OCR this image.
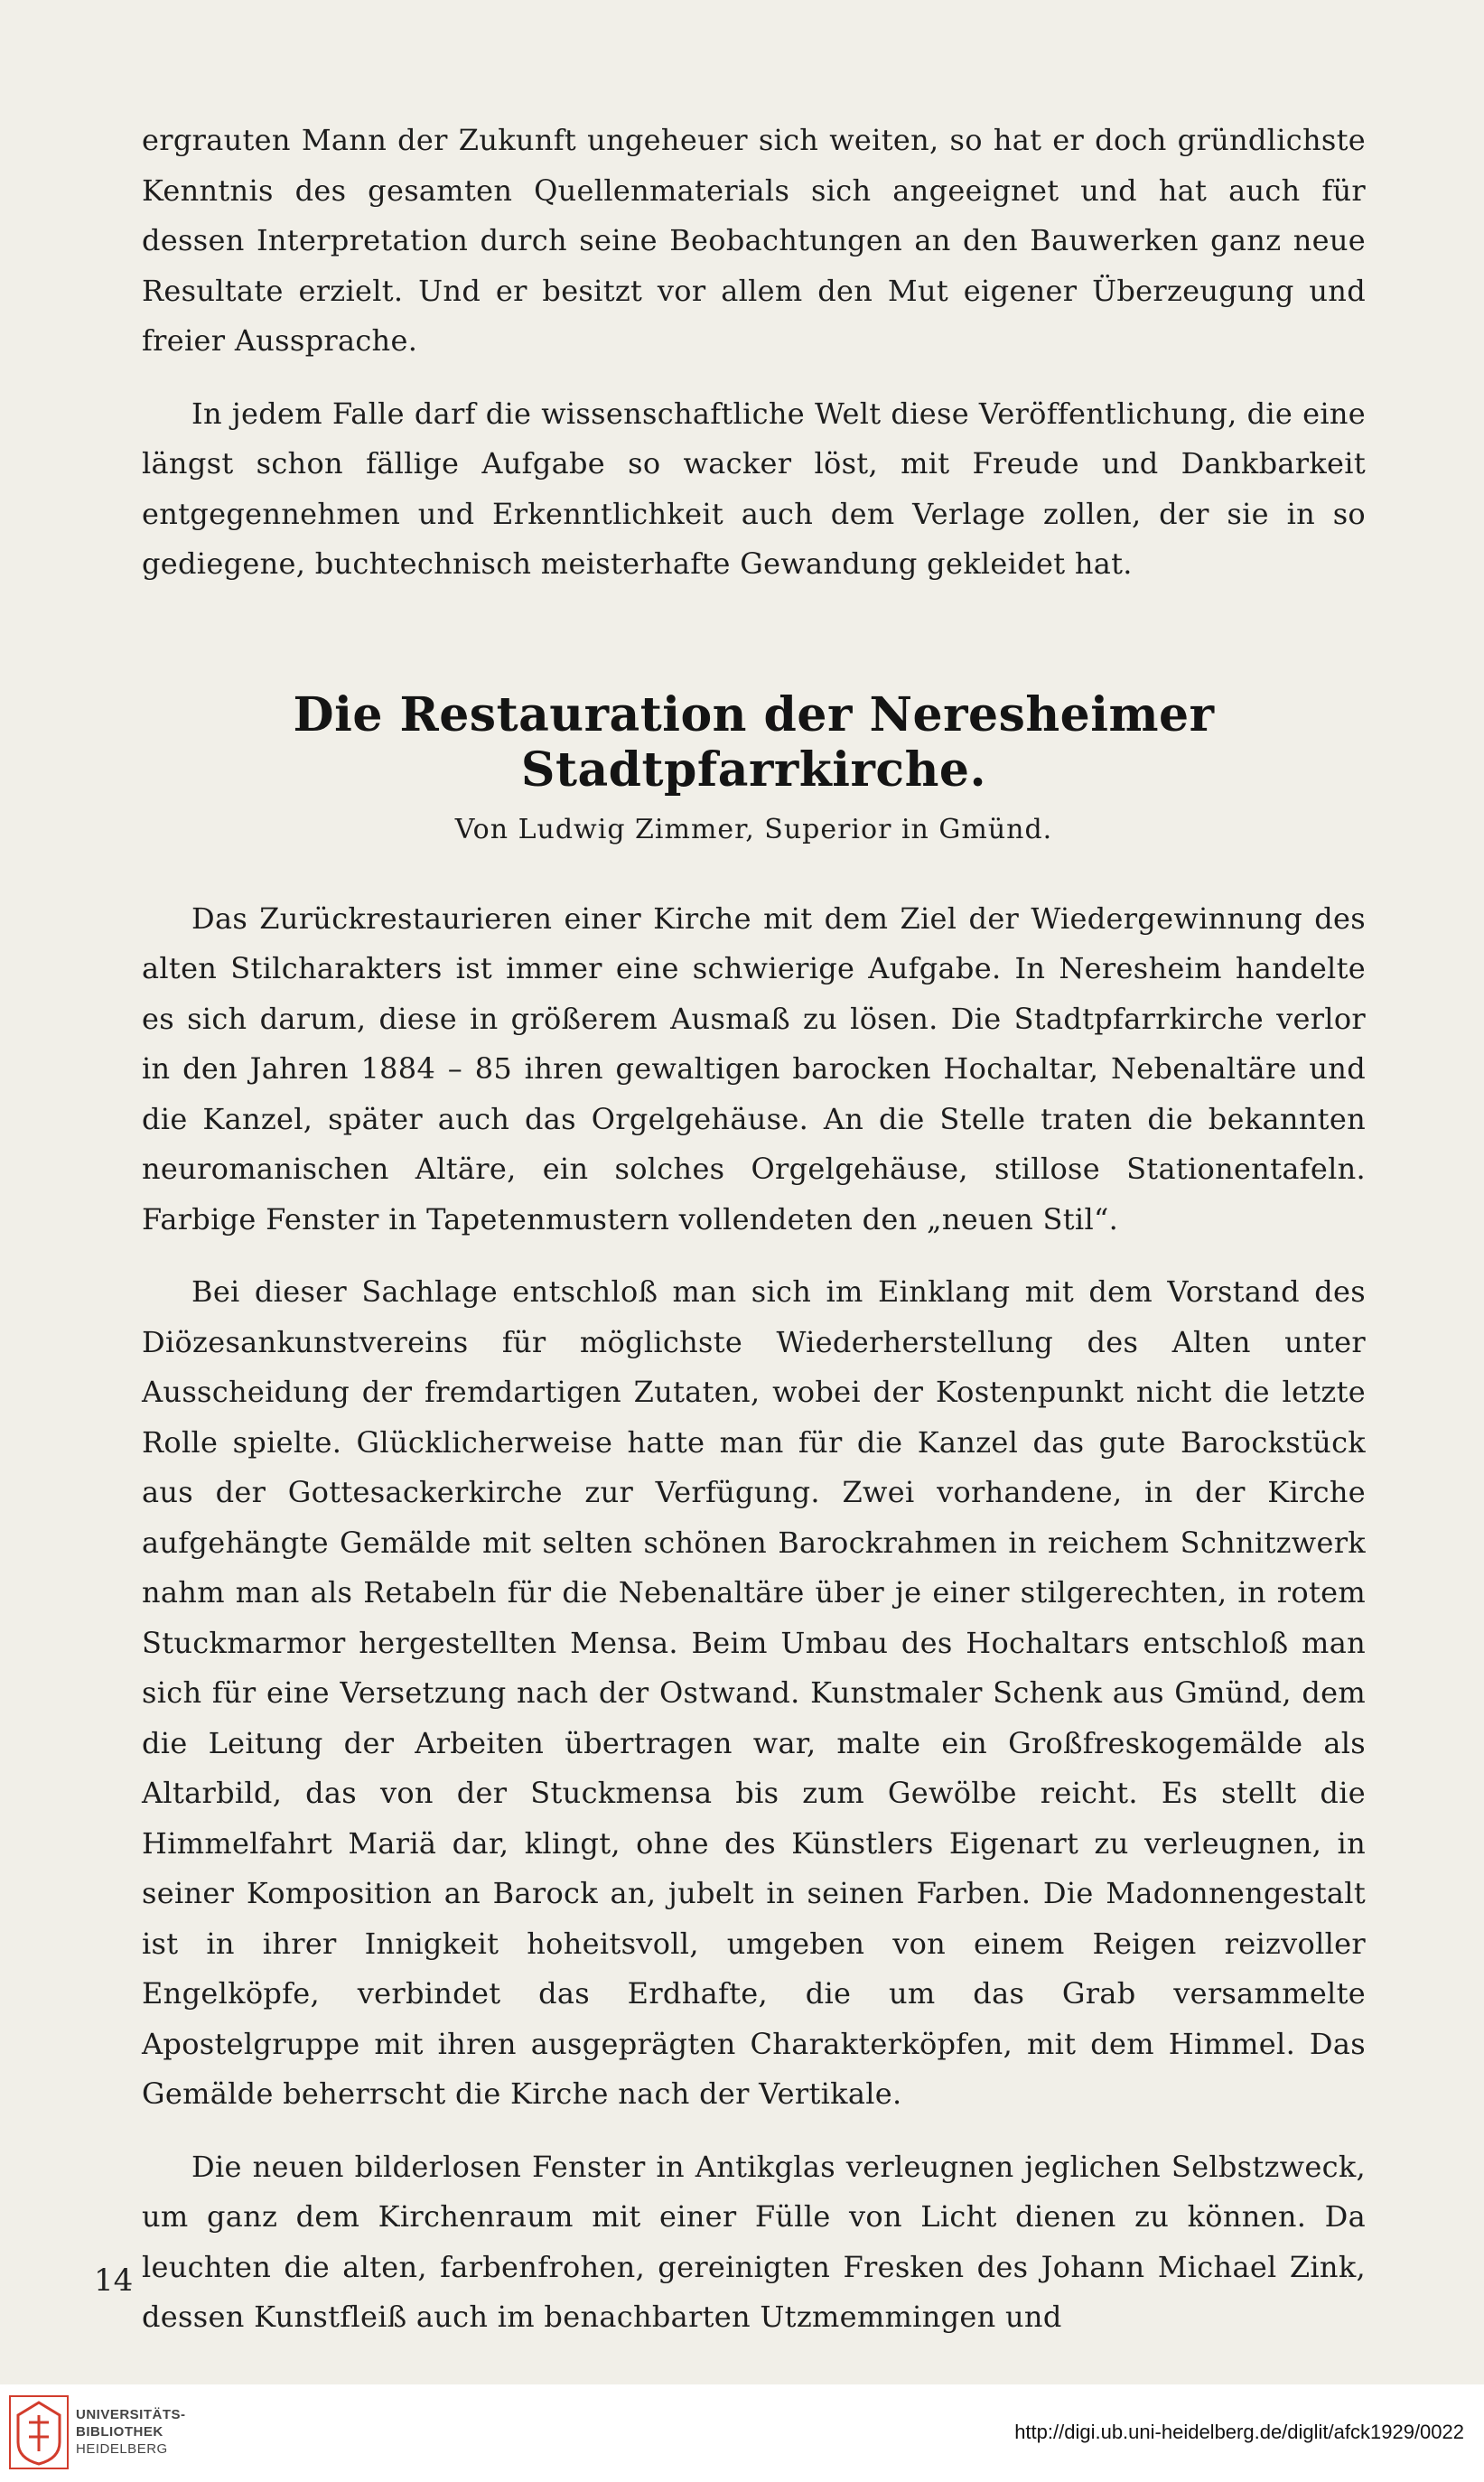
ergrauten Mann der Zukunft ungeheuer sich weiten, so hat er doch gründlichste Kenntnis des gesamten Quellenmaterials sich angeeignet und hat auch für dessen Interpretation durch seine Beobachtungen an den Bauwerken ganz neue Resultate erzielt. Und er besitzt vor allem den Mut eigener Überzeugung und freier Aussprache.

In jedem Falle darf die wissenschaftliche Welt diese Veröffentlichung, die eine längst schon fällige Aufgabe so wacker löst, mit Freude und Dankbarkeit entgegennehmen und Erkenntlichkeit auch dem Verlage zollen, der sie in so gediegene, buchtechnisch meisterhafte Gewandung gekleidet hat.

Die Restauration der Neresheimer Stadtpfarrkirche.
Von Ludwig Zimmer, Superior in Gmünd.

Das Zurückrestaurieren einer Kirche mit dem Ziel der Wiedergewinnung des alten Stilcharakters ist immer eine schwierige Aufgabe. In Neresheim handelte es sich darum, diese in größerem Ausmaß zu lösen. Die Stadtpfarrkirche verlor in den Jahren 1884 – 85 ihren gewaltigen barocken Hochaltar, Nebenaltäre und die Kanzel, später auch das Orgelgehäuse. An die Stelle traten die bekannten neuromanischen Altäre, ein solches Orgelgehäuse, stillose Stationentafeln. Farbige Fenster in Tapetenmustern vollendeten den „neuen Stil“.

Bei dieser Sachlage entschloß man sich im Einklang mit dem Vorstand des Diözesankunstvereins für möglichste Wiederherstellung des Alten unter Ausscheidung der fremdartigen Zutaten, wobei der Kostenpunkt nicht die letzte Rolle spielte. Glücklicherweise hatte man für die Kanzel das gute Barockstück aus der Gottesackerkirche zur Verfügung. Zwei vorhandene, in der Kirche aufgehängte Gemälde mit selten schönen Barockrahmen in reichem Schnitzwerk nahm man als Retabeln für die Nebenaltäre über je einer stilgerechten, in rotem Stuckmarmor hergestellten Mensa. Beim Umbau des Hochaltars entschloß man sich für eine Versetzung nach der Ostwand. Kunstmaler Schenk aus Gmünd, dem die Leitung der Arbeiten übertragen war, malte ein Großfreskogemälde als Altarbild, das von der Stuckmensa bis zum Gewölbe reicht. Es stellt die Himmelfahrt Mariä dar, klingt, ohne des Künstlers Eigenart zu verleugnen, in seiner Komposition an Barock an, jubelt in seinen Farben. Die Madonnengestalt ist in ihrer Innigkeit hoheitsvoll, umgeben von einem Reigen reizvoller Engelköpfe, verbindet das Erdhafte, die um das Grab versammelte Apostelgruppe mit ihren ausgeprägten Charakterköpfen, mit dem Himmel. Das Gemälde beherrscht die Kirche nach der Vertikale.

Die neuen bilderlosen Fenster in Antikglas verleugnen jeglichen Selbstzweck, um ganz dem Kirchenraum mit einer Fülle von Licht dienen zu können. Da leuchten die alten, farbenfrohen, gereinigten Fresken des Johann Michael Zink, dessen Kunstfleiß auch im benachbarten Utzmemmingen und

14
UNIVERSITÄTS-
BIBLIOTHEK
HEIDELBERG
http://digi.ub.uni-heidelberg.de/diglit/afck1929/0022
